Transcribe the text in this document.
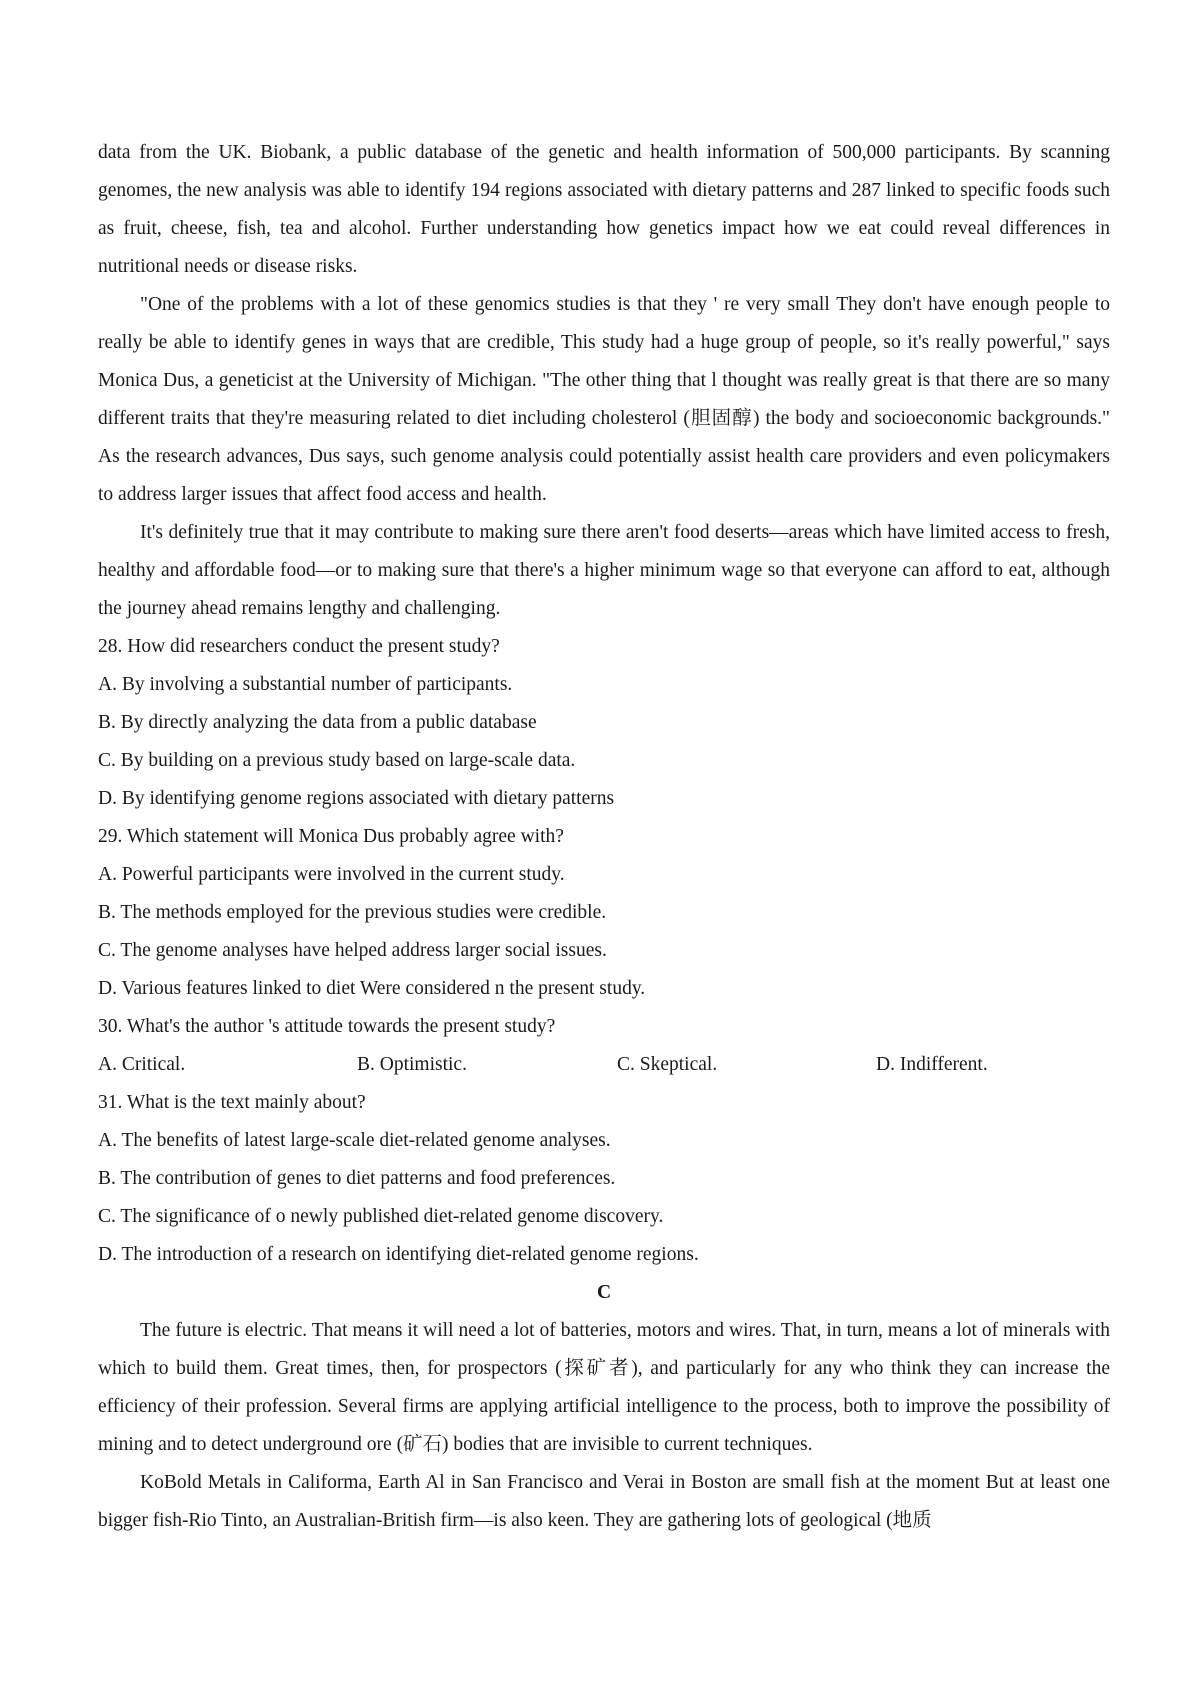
data from the UK. Biobank, a public database of the genetic and health information of 500,000 participants. By scanning genomes, the new analysis was able to identify 194 regions associated with dietary patterns and 287 linked to specific foods such as fruit, cheese, fish, tea and alcohol. Further understanding how genetics impact how we eat could reveal differences in nutritional needs or disease risks.

"One of the problems with a lot of these genomics studies is that they ' re very small They don't have enough people to really be able to identify genes in ways that are credible, This study had a huge group of people, so it's really powerful," says Monica Dus, a geneticist at the University of Michigan. "The other thing that l thought was really great is that there are so many different traits that they're measuring related to diet including cholesterol (胆固醇) the body and socioeconomic backgrounds." As the research advances, Dus says, such genome analysis could potentially assist health care providers and even policymakers to address larger issues that affect food access and health.

It's definitely true that it may contribute to making sure there aren't food deserts—areas which have limited access to fresh, healthy and affordable food—or to making sure that there's a higher minimum wage so that everyone can afford to eat, although the journey ahead remains lengthy and challenging.

28. How did researchers conduct the present study?

A. By involving a substantial number of participants.

B. By directly analyzing the data from a public database

C. By building on a previous study based on large-scale data.

D. By identifying genome regions associated with dietary patterns

29. Which statement will Monica Dus probably agree with?

A. Powerful participants were involved in the current study.

B. The methods employed for the previous studies were credible.

C. The genome analyses have helped address larger social issues.

D. Various features linked to diet Were considered n the present study.

30. What's the author 's attitude towards the present study?

A. Critical.	B. Optimistic.	C. Skeptical.	D. Indifferent.

31. What is the text mainly about?

A. The benefits of latest large-scale diet-related genome analyses.

B. The contribution of genes to diet patterns and food preferences.

C. The significance of o newly published diet-related genome discovery.

D. The introduction of a research on identifying diet-related genome regions.

C

The future is electric. That means it will need a lot of batteries, motors and wires. That, in turn, means a lot of minerals with which to build them. Great times, then, for prospectors (探矿者), and particularly for any who think they can increase the efficiency of their profession. Several firms are applying artificial intelligence to the process, both to improve the possibility of mining and to detect underground ore (矿石) bodies that are invisible to current techniques.

KoBold Metals in Califorma, Earth Al in San Francisco and Verai in Boston are small fish at the moment But at least one bigger fish-Rio Tinto, an Australian-British firm—is also keen. They are gathering lots of geological (地质
